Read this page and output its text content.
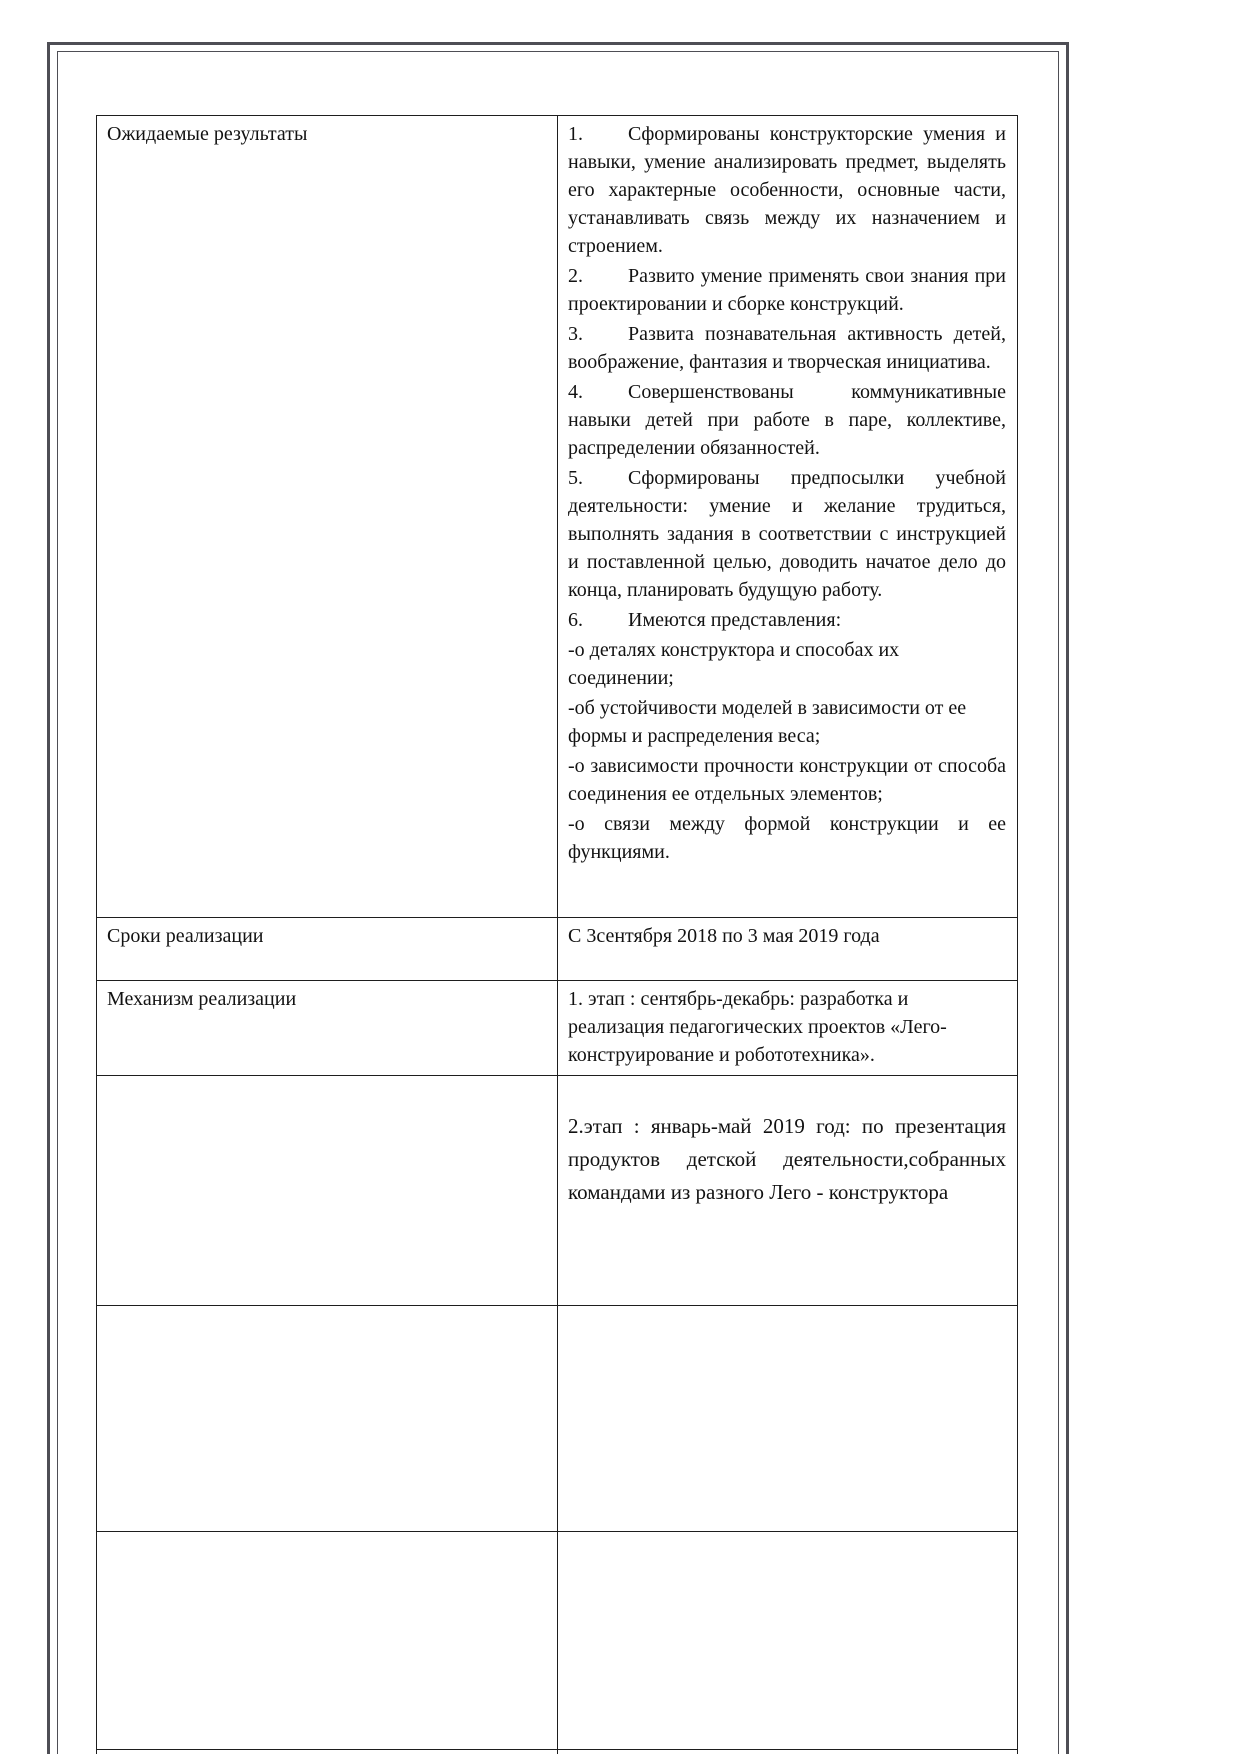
Ожидаемые результаты	1. Сформированы конструкторские умения и навыки, умение анализировать предмет, выделять его характерные особенности, основные части, устанавливать связь между их назначением и строением.

2. Развито умение применять свои знания при проектировании и сборке конструкций.

3. Развита познавательная активность детей, воображение, фантазия и творческая инициатива.

4. Совершенствованы коммуникативные навыки детей при работе в паре, коллективе, распределении обязанностей.

5. Сформированы предпосылки учебной деятельности: умение и желание трудиться, выполнять задания в соответствии с инструкцией и поставленной целью, доводить начатое дело до конца, планировать будущую работу.

6. Имеются представления:

-о деталях конструктора и способах их соединении;

-об устойчивости моделей в зависимости от ее формы и распределения веса;

-о зависимости прочности конструкции от способа соединения ее отдельных элементов;

-о связи между формой конструкции и ее функциями.

Сроки реализации	С 3сентября 2018 по 3 мая 2019 года

Механизм реализации	1. этап : сентябрь-декабрь: разработка и реализация педагогических проектов «Лего-конструирование и робототехника».

	2.этап : январь-май 2019 год: по презентация продуктов детской деятельности,собранных командами из разного Лего - конструктора
